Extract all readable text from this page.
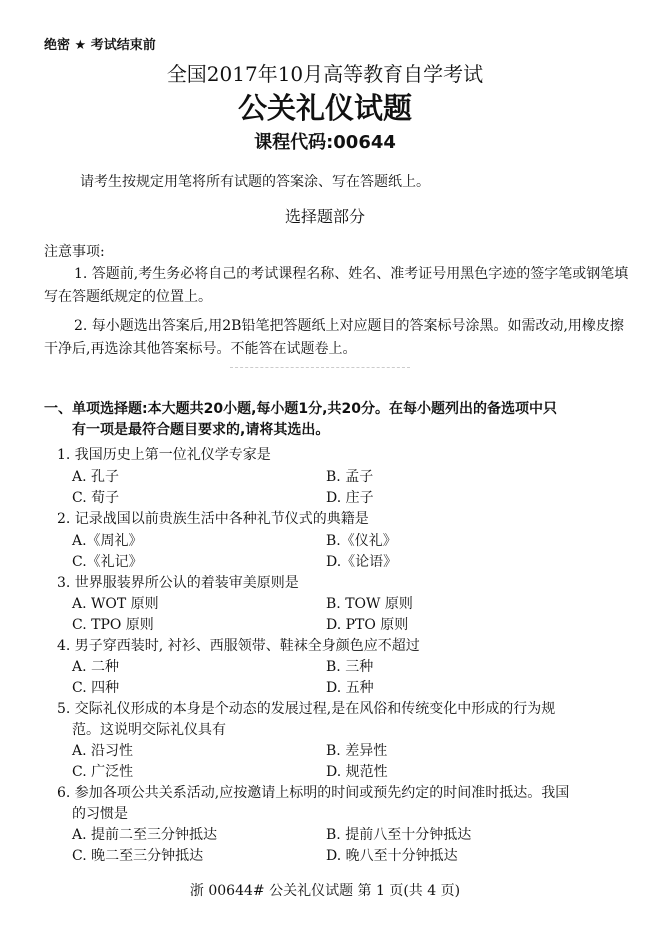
绝密 ★ 考试结束前
全国2017年10月高等教育自学考试
公关礼仪试题
课程代码:00644
请考生按规定用笔将所有试题的答案涂、写在答题纸上。
选择题部分
注意事项:
1. 答题前,考生务必将自己的考试课程名称、姓名、准考证号用黑色字迹的签字笔或钢笔填写在答题纸规定的位置上。
2. 每小题选出答案后,用2B铅笔把答题纸上对应题目的答案标号涂黑。如需改动,用橡皮擦干净后,再选涂其他答案标号。不能答在试题卷上。
一、单项选择题:本大题共20小题,每小题1分,共20分。在每小题列出的备选项中只
有一项是最符合题目要求的,请将其选出。
1. 我国历史上第一位礼仪学专家是
A. 孔子	B. 孟子
C. 荀子	D. 庄子
2. 记录战国以前贵族生活中各种礼节仪式的典籍是
A.《周礼》	B.《仪礼》
C.《礼记》	D.《论语》
3. 世界服装界所公认的着装审美原则是
A. WOT 原则	B. TOW 原则
C. TPO 原则	D. PTO 原则
4. 男子穿西装时, 衬衫、西服领带、鞋袜全身颜色应不超过
A. 二种	B. 三种
C. 四种	D. 五种
5. 交际礼仪形成的本身是个动态的发展过程,是在风俗和传统变化中形成的行为规
范。这说明交际礼仪具有
A. 沿习性	B. 差异性
C. 广泛性	D. 规范性
6. 参加各项公共关系活动,应按邀请上标明的时间或预先约定的时间准时抵达。我国
的习惯是
A. 提前二至三分钟抵达	B. 提前八至十分钟抵达
C. 晚二至三分钟抵达	D. 晚八至十分钟抵达
浙 00644# 公关礼仪试题 第 1 页(共 4 页)
